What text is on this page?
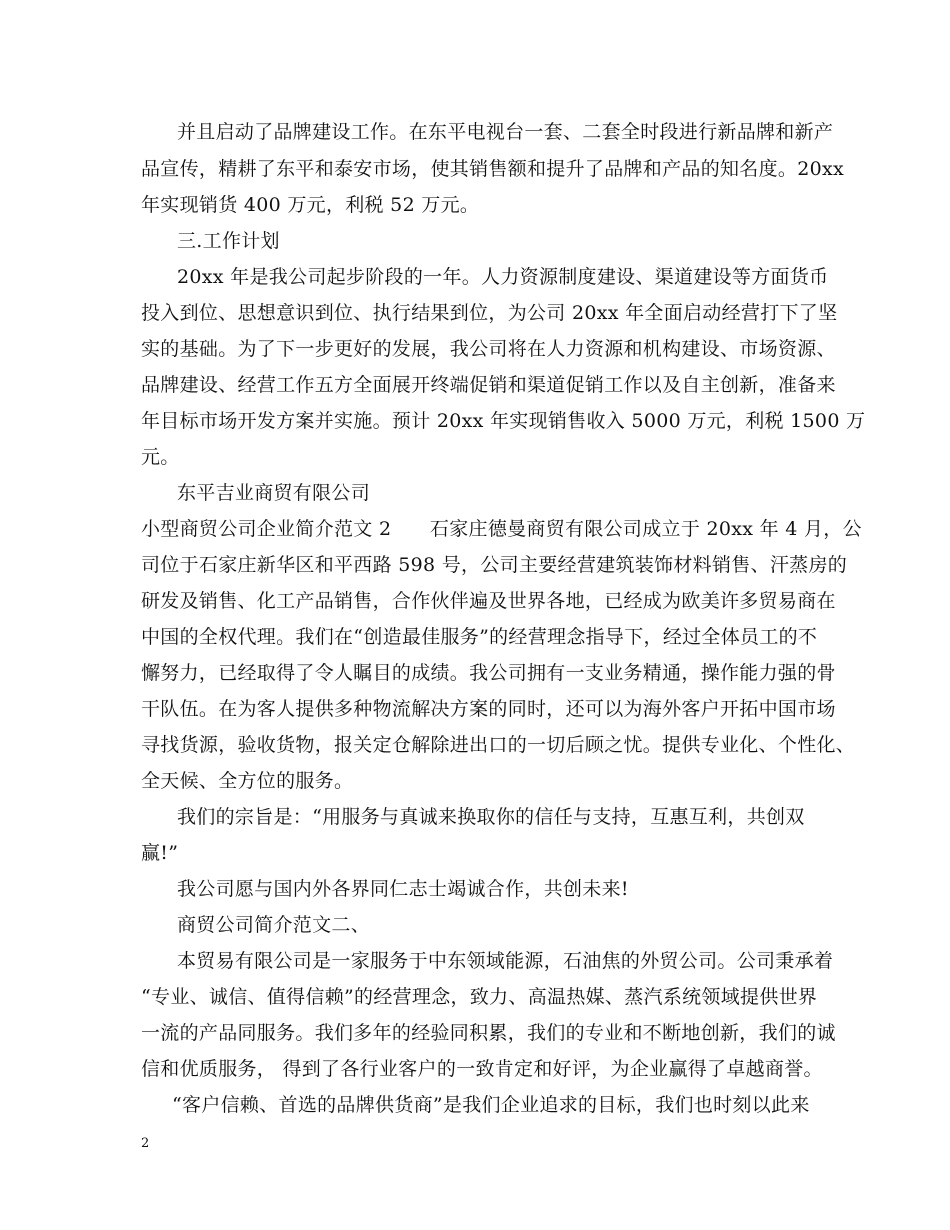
并且启动了品牌建设工作。在东平电视台一套、二套全时段进行新品牌和新产
品宣传，精耕了东平和泰安市场，使其销售额和提升了品牌和产品的知名度。20xx
年实现销货 400 万元，利税 52 万元。
三.工作计划
20xx 年是我公司起步阶段的一年。人力资源制度建设、渠道建设等方面货币
投入到位、思想意识到位、执行结果到位，为公司 20xx 年全面启动经营打下了坚
实的基础。为了下一步更好的发展，我公司将在人力资源和机构建设、市场资源、
品牌建设、经营工作五方全面展开终端促销和渠道促销工作以及自主创新，准备来
年目标市场开发方案并实施。预计 20xx 年实现销售收入 5000 万元，利税 1500 万
元。
东平吉业商贸有限公司
小型商贸公司企业简介范文 2　　石家庄德曼商贸有限公司成立于 20xx 年 4 月，公
司位于石家庄新华区和平西路 598 号，公司主要经营建筑装饰材料销售、汗蒸房的
研发及销售、化工产品销售，合作伙伴遍及世界各地，已经成为欧美许多贸易商在
中国的全权代理。我们在“创造最佳服务”的经营理念指导下，经过全体员工的不
懈努力，已经取得了令人瞩目的成绩。我公司拥有一支业务精通，操作能力强的骨
干队伍。在为客人提供多种物流解决方案的同时，还可以为海外客户开拓中国市场
寻找货源，验收货物，报关定仓解除进出口的一切后顾之忧。提供专业化、个性化、
全天候、全方位的服务。
我们的宗旨是：“用服务与真诚来换取你的信任与支持，互惠互利，共创双
赢!”
我公司愿与国内外各界同仁志士竭诚合作，共创未来!
商贸公司简介范文二、
本贸易有限公司是一家服务于中东领域能源，石油焦的外贸公司。公司秉承着
“专业、诚信、值得信赖”的经营理念，致力、高温热媒、蒸汽系统领域提供世界
一流的产品同服务。我们多年的经验同积累，我们的专业和不断地创新，我们的诚
信和优质服务， 得到了各行业客户的一致肯定和好评，为企业赢得了卓越商誉。
“客户信赖、首选的品牌供货商”是我们企业追求的目标，我们也时刻以此来
2
